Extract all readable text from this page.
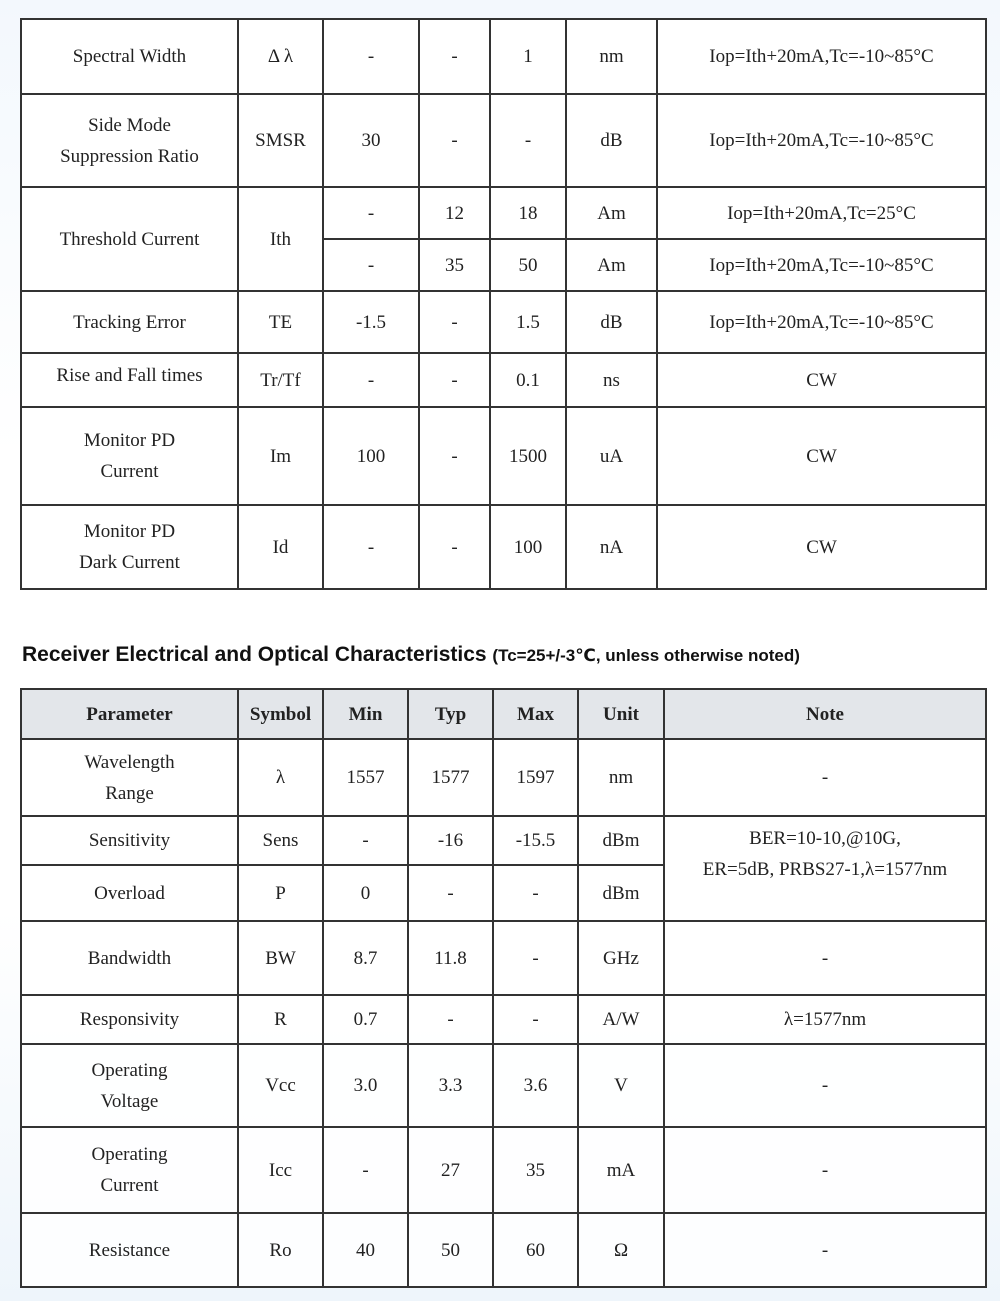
Spectral Width	Δ λ	-	-	1	nm	Iop=Ith+20mA,Tc=-10~85°C
Side Mode
Suppression Ratio	SMSR	30	-	-	dB	Iop=Ith+20mA,Tc=-10~85°C
Threshold Current	Ith	-	12	18	Am	Iop=Ith+20mA,Tc=25°C
		-	35	50	Am	Iop=Ith+20mA,Tc=-10~85°C
Tracking Error	TE	-1.5	-	1.5	dB	Iop=Ith+20mA,Tc=-10~85°C
Rise and Fall times	Tr/Tf	-	-	0.1	ns	CW
Monitor PD
Current	Im	100	-	1500	uA	CW
Monitor PD
Dark Current	Id	-	-	100	nA	CW
Receiver Electrical and Optical Characteristics (Tc=25+/-3℃, unless otherwise noted)
Parameter	Symbol	Min	Typ	Max	Unit	Note
Wavelength
Range	λ	1557	1577	1597	nm	-
Sensitivity	Sens	-	-16	-15.5	dBm	BER=10-10,@10G,
ER=5dB, PRBS27-1,λ=1577nm
Overload	P	0	-	-	dBm	
Bandwidth	BW	8.7	11.8	-	GHz	-
Responsivity	R	0.7	-	-	A/W	λ=1577nm
Operating
Voltage	Vcc	3.0	3.3	3.6	V	-
Operating
Current	Icc	-	27	35	mA	-
Resistance	Ro	40	50	60	Ω	-
